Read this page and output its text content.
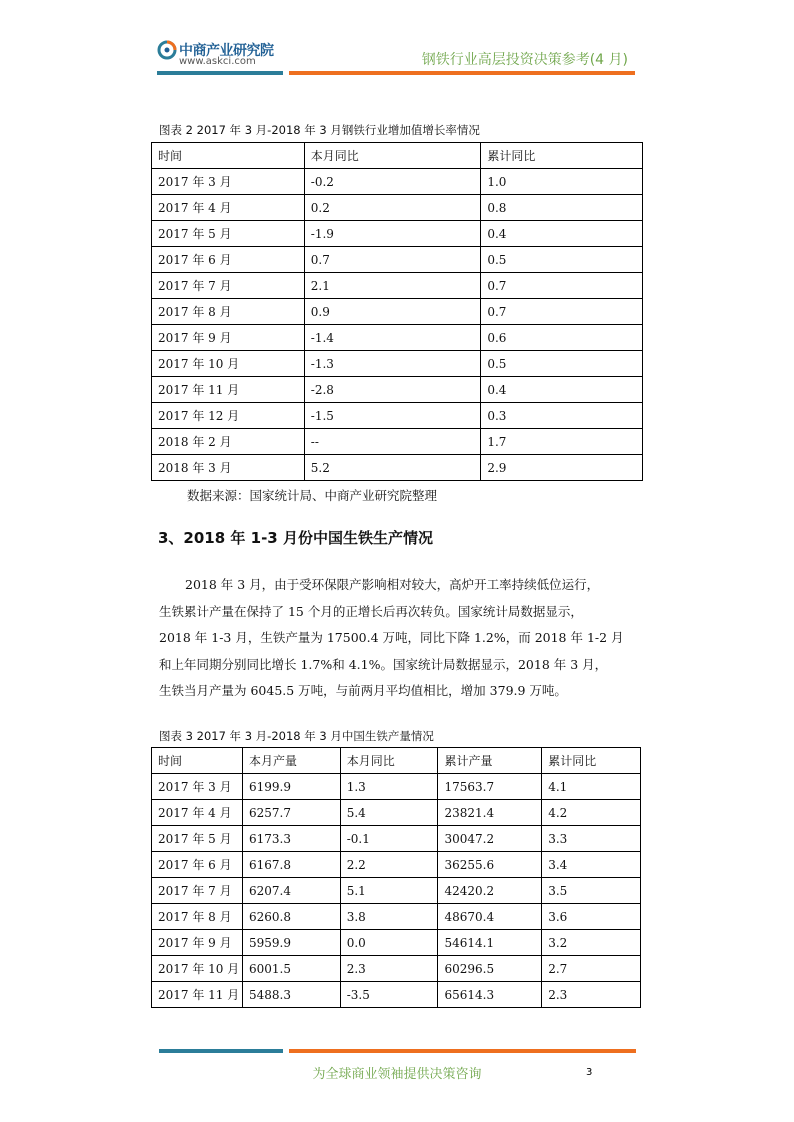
中商产业研究院
www.askci.com	钢铁行业高层投资决策参考(4 月)
图表 2 2017 年 3 月-2018 年 3 月钢铁行业增加值增长率情况
时间	本月同比	累计同比
2017 年 3 月	-0.2	1.0
2017 年 4 月	0.2	0.8
2017 年 5 月	-1.9	0.4
2017 年 6 月	0.7	0.5
2017 年 7 月	2.1	0.7
2017 年 8 月	0.9	0.7
2017 年 9 月	-1.4	0.6
2017 年 10 月	-1.3	0.5
2017 年 11 月	-2.8	0.4
2017 年 12 月	-1.5	0.3
2018 年 2 月	--	1.7
2018 年 3 月	5.2	2.9
数据来源：国家统计局、中商产业研究院整理
3、2018 年 1-3 月份中国生铁生产情况
2018 年 3 月，由于受环保限产影响相对较大，高炉开工率持续低位运行，
生铁累计产量在保持了 15 个月的正增长后再次转负。国家统计局数据显示，
2018 年 1-3 月，生铁产量为 17500.4 万吨，同比下降 1.2%，而 2018 年 1-2 月
和上年同期分别同比增长 1.7%和 4.1%。国家统计局数据显示，2018 年 3 月，
生铁当月产量为 6045.5 万吨，与前两月平均值相比，增加 379.9 万吨。
图表 3 2017 年 3 月-2018 年 3 月中国生铁产量情况
时间	本月产量	本月同比	累计产量	累计同比
2017 年 3 月	6199.9	1.3	17563.7	4.1
2017 年 4 月	6257.7	5.4	23821.4	4.2
2017 年 5 月	6173.3	-0.1	30047.2	3.3
2017 年 6 月	6167.8	2.2	36255.6	3.4
2017 年 7 月	6207.4	5.1	42420.2	3.5
2017 年 8 月	6260.8	3.8	48670.4	3.6
2017 年 9 月	5959.9	0.0	54614.1	3.2
2017 年 10 月	6001.5	2.3	60296.5	2.7
2017 年 11 月	5488.3	-3.5	65614.3	2.3
为全球商业领袖提供决策咨询	3
